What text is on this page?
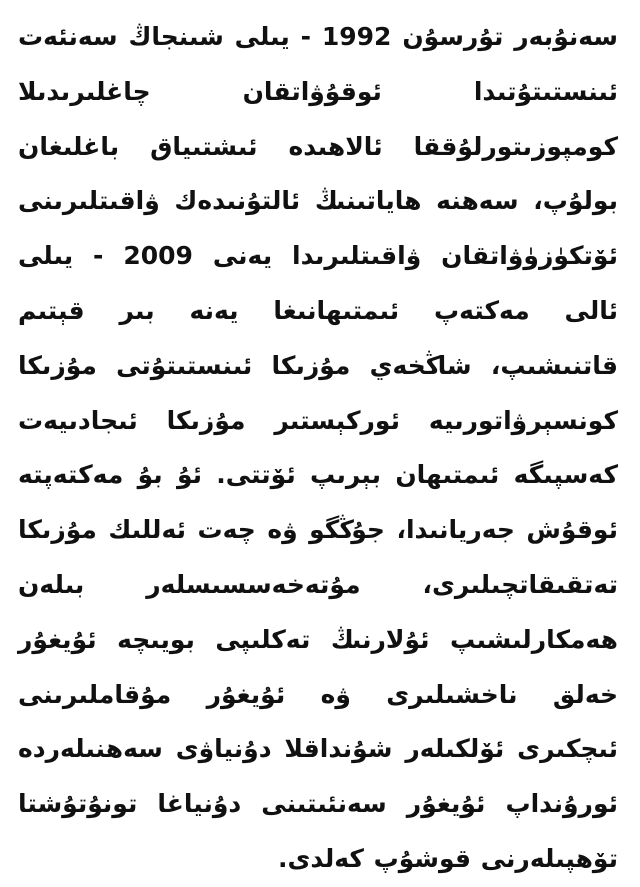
سەنۇبەر تۇرسۇن 1992 - يىلى شىنجاڭ سەنئەت ئىنستىتۇتىدا ئوقۇۋاتقان چاغلىرىدىلا كومپوزىتورلۇققا ئالاھىدە ئىشتىياق باغلىغان بولۇپ، سەھنە ھاياتىنىڭ ئالتۇنىدەك ۋاقىتلىرىنى ئۆتكۈزۈۋاتقان ۋاقىتلىرىدا يەنى 2009 - يىلى ئالى مەكتەپ ئىمتىھانىغا يەنە بىر قېتىم قاتنىشىپ، شاڭخەي مۇزىكا ئىنستىتۇتى مۇزىكا كونسېرۋاتورىيە ئوركېستىر مۇزىكا ئىجادىيەت كەسپىگە ئىمتىھان بېرىپ ئۆتتى. ئۇ بۇ مەكتەپتە ئوقۇش جەريانىدا، جۇڭگو ۋە چەت ئەللىك مۇزىكا تەتقىقاتچىلىرى، مۇتەخەسسىسلەر بىلەن ھەمكارلىشىپ ئۇلارنىڭ تەكلىپى بويىچە ئۇيغۇر خەلق ناخشىلىرى ۋە ئۇيغۇر مۇقاملىرىنى ئىچكىرى ئۆلكىلەر شۇنداقلا دۇنياۋى سەھنىلەردە ئورۇنداپ ئۇيغۇر سەنئىتىنى دۇنياغا تونۇتۇشتا تۆھپىلەرنى قوشۇپ كەلدى.
